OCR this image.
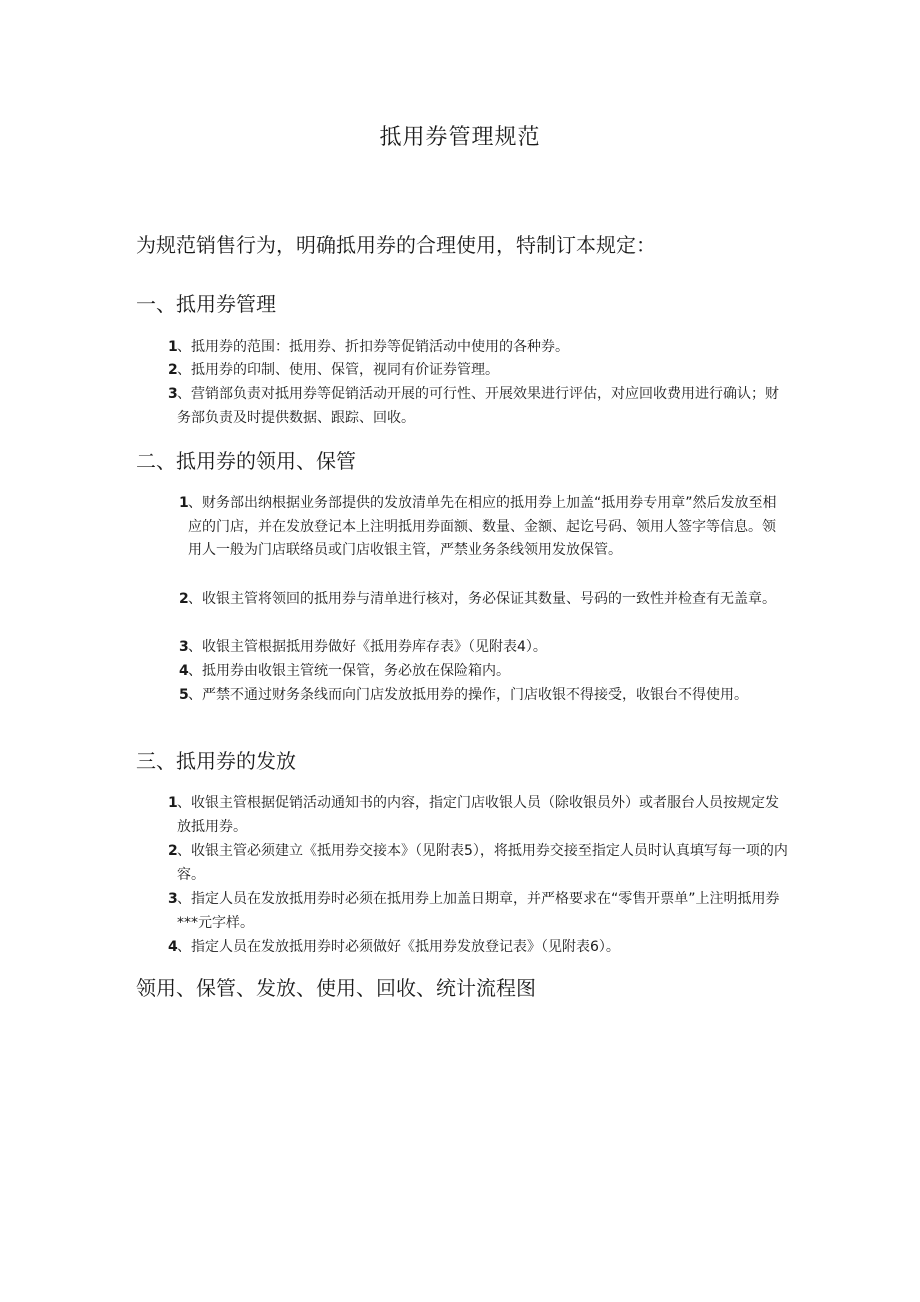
抵用券管理规范
为规范销售行为，明确抵用券的合理使用，特制订本规定：
一、抵用券管理
1 、抵用券的范围：抵用券、折扣券等促销活动中使用的各种券。
2 、抵用券的印制、使用、保管，视同有价证券管理。
3 、营销部负责对抵用券等促销活动开展的可行性、开展效果进行评估，对应回收费用进行确认；财务部负责及时提供数据、跟踪、回收。
二、抵用券的领用、保管
1 、财务部出纳根据业务部提供的发放清单先在相应的抵用券上加盖“抵用券专用章”然后发放至相应的门店，并在发放登记本上注明抵用券面额、数量、金额、起讫号码、领用人签字等信息。领用人一般为门店联络员或门店收银主管，严禁业务条线领用发放保管。
2 、收银主管将领回的抵用券与清单进行核对，务必保证其数量、号码的一致性并检查有无盖章。
3 、收银主管根据抵用券做好《抵用券库存表》（见附表4）。
4 、抵用券由收银主管统一保管，务必放在保险箱内。
5 、严禁不通过财务条线而向门店发放抵用券的操作，门店收银不得接受，收银台不得使用。
三、抵用券的发放
1 、收银主管根据促销活动通知书的内容，指定门店收银人员（除收银员外）或者服台人员按规定发放抵用券。
2 、收银主管必须建立《抵用券交接本》（见附表5），将抵用券交接至指定人员时认真填写每一项的内容。
3 、指定人员在发放抵用券时必须在抵用券上加盖日期章，并严格要求在“零售开票单”上注明抵用券***元字样。
4 、指定人员在发放抵用券时必须做好《抵用券发放登记表》（见附表6）。
领用、保管、发放、使用、回收、统计流程图
